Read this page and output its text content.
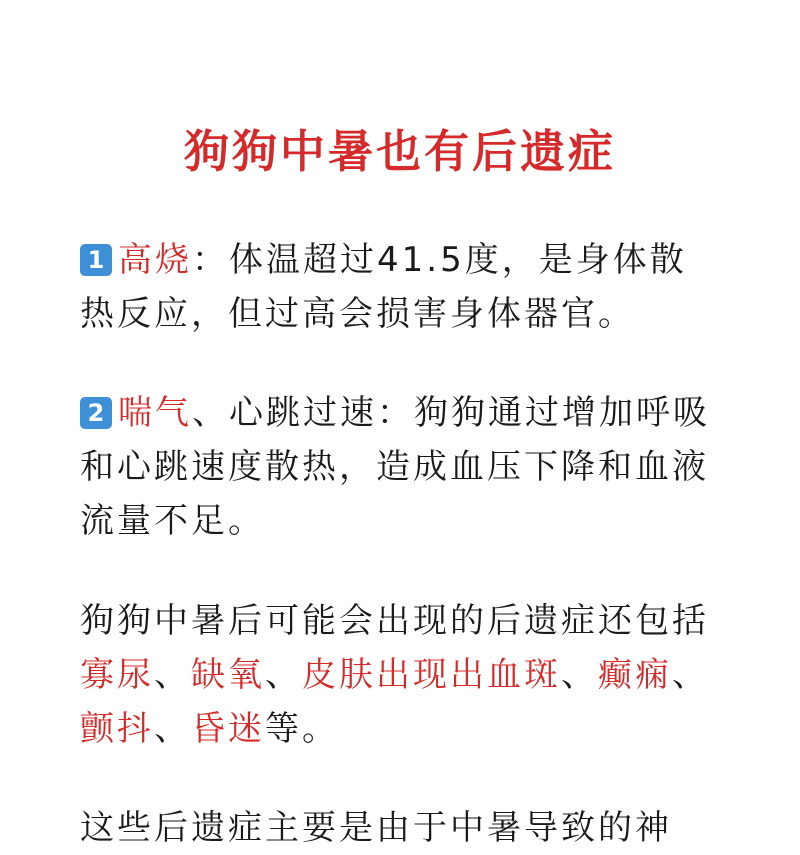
狗狗中暑也有后遗症

1 高烧：体温超过41.5度，是身体散热反应，但过高会损害身体器官。

2 喘气、心跳过速：狗狗通过增加呼吸和心跳速度散热，造成血压下降和血液流量不足。

狗狗中暑后可能会出现的后遗症还包括寡尿、缺氧、皮肤出现出血斑、癫痫、颤抖、昏迷等。

这些后遗症主要是由于中暑导致的神
